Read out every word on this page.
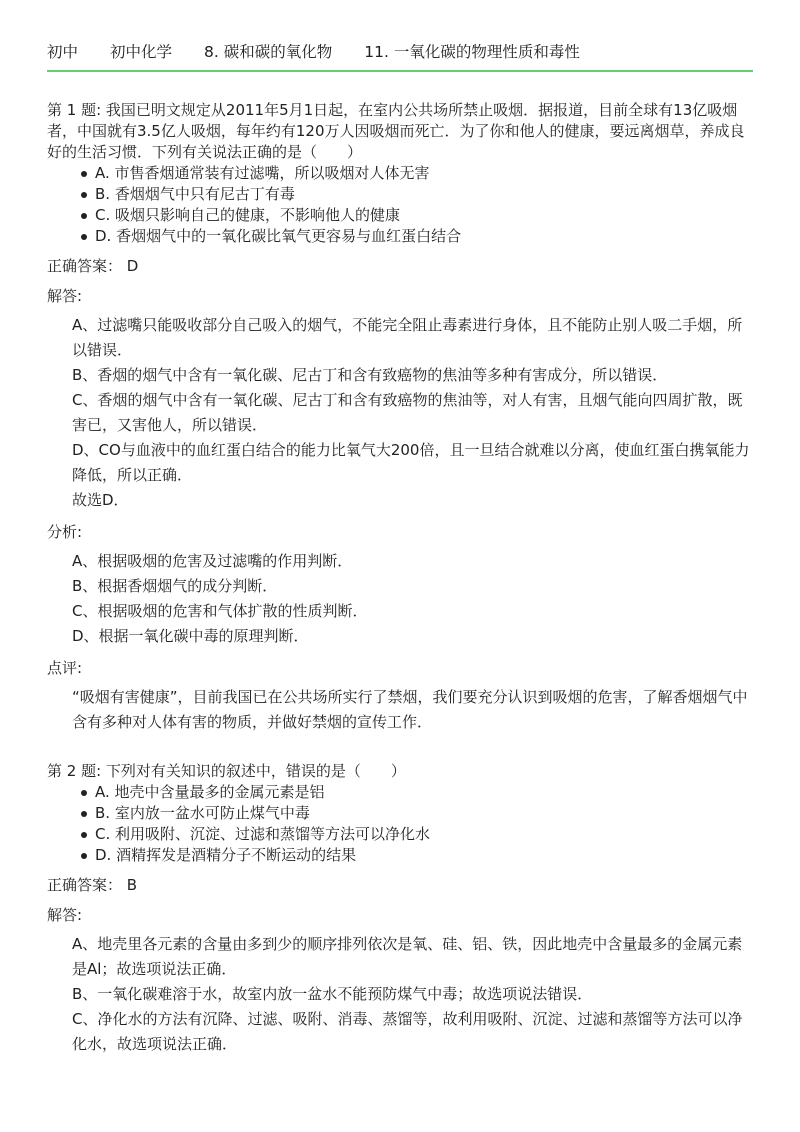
初中 初中化学 8. 碳和碳的氧化物 11. 一氧化碳的物理性质和毒性

第 1 题: 我国已明文规定从2011年5月1日起，在室内公共场所禁止吸烟．据报道，目前全球有13亿吸烟者，中国就有3.5亿人吸烟，每年约有120万人因吸烟而死亡．为了你和他人的健康，要远离烟草，养成良好的生活习惯．下列有关说法正确的是（　　）

A. 市售香烟通常装有过滤嘴，所以吸烟对人体无害
B. 香烟烟气中只有尼古丁有毒
C. 吸烟只影响自己的健康，不影响他人的健康
D. 香烟烟气中的一氧化碳比氧气更容易与血红蛋白结合
正确答案： D
解答:

A、过滤嘴只能吸收部分自己吸入的烟气，不能完全阻止毒素进行身体，且不能防止别人吸二手烟，所以错误．

B、香烟的烟气中含有一氧化碳、尼古丁和含有致癌物的焦油等多种有害成分，所以错误．

C、香烟的烟气中含有一氧化碳、尼古丁和含有致癌物的焦油等，对人有害，且烟气能向四周扩散，既害已，又害他人，所以错误．

D、CO与血液中的血红蛋白结合的能力比氧气大200倍，且一旦结合就难以分离，使血红蛋白携氧能力降低，所以正确．

故选D．

分析:

A、根据吸烟的危害及过滤嘴的作用判断．

B、根据香烟烟气的成分判断．

C、根据吸烟的危害和气体扩散的性质判断．

D、根据一氧化碳中毒的原理判断．

点评:

“吸烟有害健康”，目前我国已在公共场所实行了禁烟，我们要充分认识到吸烟的危害，了解香烟烟气中含有多种对人体有害的物质，并做好禁烟的宣传工作．

第 2 题: 下列对有关知识的叙述中，错误的是（　　）

A. 地壳中含量最多的金属元素是铝
B. 室内放一盆水可防止煤气中毒
C. 利用吸附、沉淀、过滤和蒸馏等方法可以净化水
D. 酒精挥发是酒精分子不断运动的结果
正确答案： B
解答:

A、地壳里各元素的含量由多到少的顺序排列依次是氧、硅、铝、铁，因此地壳中含量最多的金属元素是Al；故选项说法正确．

B、一氧化碳难溶于水，故室内放一盆水不能预防煤气中毒；故选项说法错误．

C、净化水的方法有沉降、过滤、吸附、消毒、蒸馏等，故利用吸附、沉淀、过滤和蒸馏等方法可以净化水，故选项说法正确．
